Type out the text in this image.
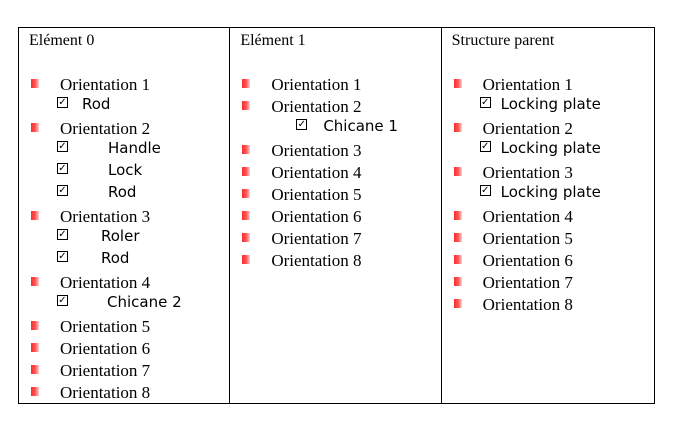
Elément 0
Orientation 1
✓ Rod
Orientation 2
✓	Handle
✓	Lock
✓	Rod
Orientation 3
✓ Roler
✓ Rod
Orientation 4
✓	Chicane 2
Orientation 5
Orientation 6
Orientation 7
Orientation 8
Elément 1
Orientation 1
Orientation 2
✓ Chicane 1
Orientation 3
Orientation 4
Orientation 5
Orientation 6
Orientation 7
Orientation 8
Structure parent
Orientation 1
✓ Locking plate
Orientation 2
✓ Locking plate
Orientation 3
✓ Locking plate
Orientation 4
Orientation 5
Orientation 6
Orientation 7
Orientation 8
